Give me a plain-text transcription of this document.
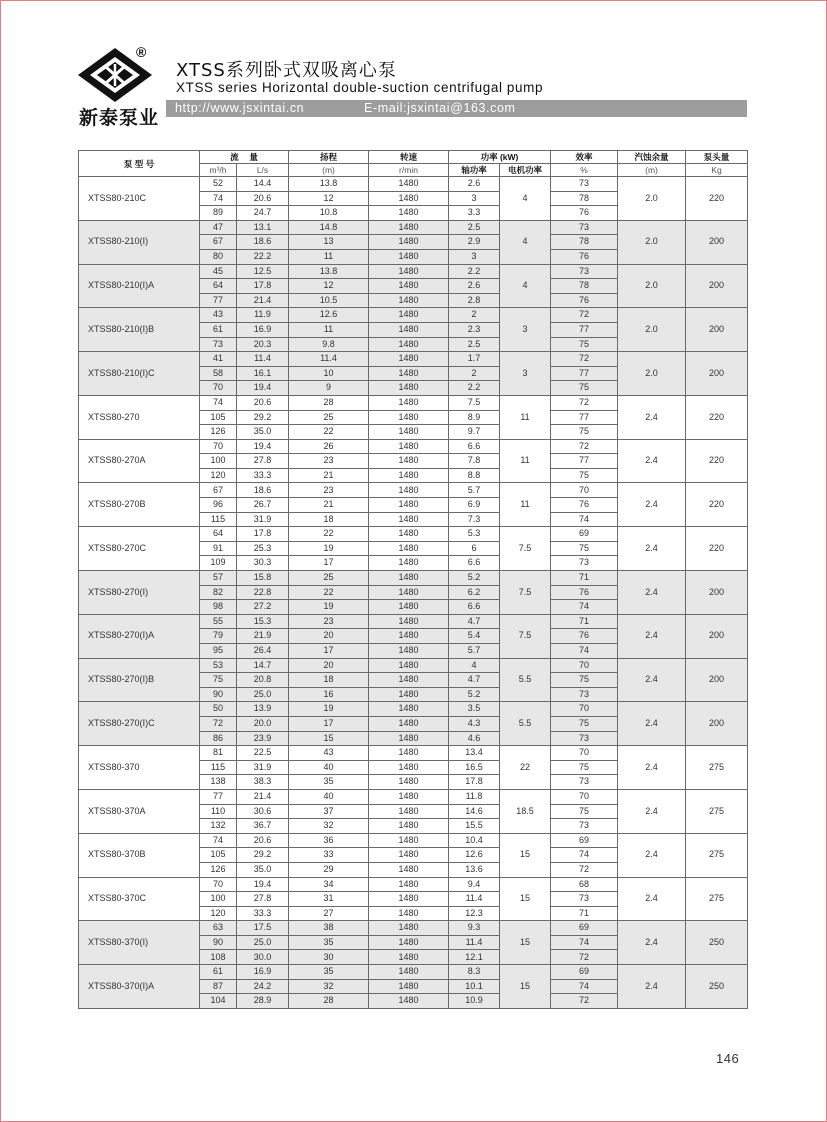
®
新泰泵业
XTSS系列卧式双吸离心泵
XTSS series Horizontal double-suction centrifugal pump
http://www.jsxintai.cn	E-mail:jsxintai@163.com
泵 型 号	流　 量		扬程	转速	功率 (kW)		效率	汽蚀余量	泵头量
	m³/h	L/s	(m)	r/min	轴功率	电机功率	%	(m)	Kg
XTSS80-210C	52	14.4	13.8	1480	2.6	4	73	2.0	220
	74	20.6	12	1480	3		78		
	89	24.7	10.8	1480	3.3		76		
XTSS80-210(Ⅰ)	47	13.1	14.8	1480	2.5	4	73	2.0	200
	67	18.6	13	1480	2.9		78		
	80	22.2	11	1480	3		76		
XTSS80-210(Ⅰ)A	45	12.5	13.8	1480	2.2	4	73	2.0	200
	64	17.8	12	1480	2.6		78		
	77	21.4	10.5	1480	2.8		76		
XTSS80-210(Ⅰ)B	43	11.9	12.6	1480	2	3	72	2.0	200
	61	16.9	11	1480	2.3		77		
	73	20.3	9.8	1480	2.5		75		
XTSS80-210(Ⅰ)C	41	11.4	11.4	1480	1.7	3	72	2.0	200
	58	16.1	10	1480	2		77		
	70	19.4	9	1480	2.2		75		
XTSS80-270	74	20.6	28	1480	7.5	11	72	2.4	220
	105	29.2	25	1480	8.9		77		
	126	35.0	22	1480	9.7		75		
XTSS80-270A	70	19.4	26	1480	6.6	11	72	2.4	220
	100	27.8	23	1480	7.8		77		
	120	33.3	21	1480	8.8		75		
XTSS80-270B	67	18.6	23	1480	5.7	11	70	2.4	220
	96	26.7	21	1480	6.9		76		
	115	31.9	18	1480	7.3		74		
XTSS80-270C	64	17.8	22	1480	5.3	7.5	69	2.4	220
	91	25.3	19	1480	6		75		
	109	30.3	17	1480	6.6		73		
XTSS80-270(Ⅰ)	57	15.8	25	1480	5.2	7.5	71	2.4	200
	82	22.8	22	1480	6.2		76		
	98	27.2	19	1480	6.6		74		
XTSS80-270(Ⅰ)A	55	15.3	23	1480	4.7	7.5	71	2.4	200
	79	21.9	20	1480	5.4		76		
	95	26.4	17	1480	5.7		74		
XTSS80-270(Ⅰ)B	53	14.7	20	1480	4	5.5	70	2.4	200
	75	20.8	18	1480	4.7		75		
	90	25.0	16	1480	5.2		73		
XTSS80-270(Ⅰ)C	50	13.9	19	1480	3.5	5.5	70	2.4	200
	72	20.0	17	1480	4.3		75		
	86	23.9	15	1480	4.6		73		
XTSS80-370	81	22.5	43	1480	13.4	22	70	2.4	275
	115	31.9	40	1480	16.5		75		
	138	38.3	35	1480	17.8		73		
XTSS80-370A	77	21.4	40	1480	11.8	18.5	70	2.4	275
	110	30.6	37	1480	14.6		75		
	132	36.7	32	1480	15.5		73		
XTSS80-370B	74	20.6	36	1480	10.4	15	69	2.4	275
	105	29.2	33	1480	12.6		74		
	126	35.0	29	1480	13.6		72		
XTSS80-370C	70	19.4	34	1480	9.4	15	68	2.4	275
	100	27.8	31	1480	11.4		73		
	120	33.3	27	1480	12.3		71		
XTSS80-370(Ⅰ)	63	17.5	38	1480	9.3	15	69	2.4	250
	90	25.0	35	1480	11.4		74		
	108	30.0	30	1480	12.1		72		
XTSS80-370(Ⅰ)A	61	16.9	35	1480	8.3	15	69	2.4	250
	87	24.2	32	1480	10.1		74		
	104	28.9	28	1480	10.9		72		
146
